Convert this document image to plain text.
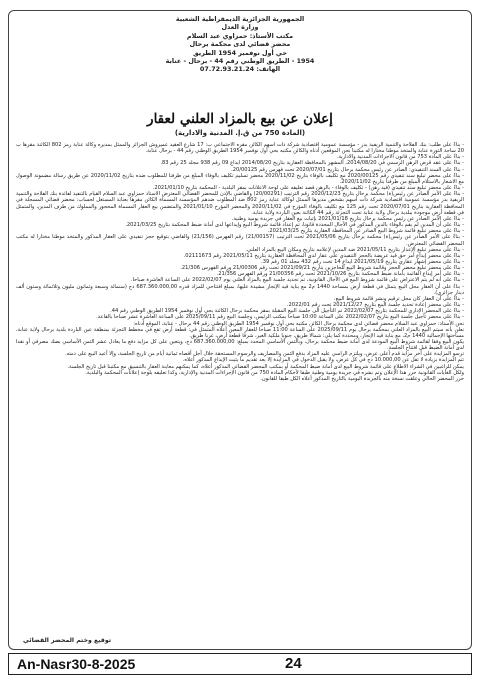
الجمهورية الجزائرية الديمقراطية الشعبية
وزارة العدل
مكتب الأستاذ: حمزاوي عبد السلام
محضر قضائي لدى محكمة برحال
حي أول نوفمبر 1954 الطريق
1954 - الطريق الوطني رقم 44 - برحال - عنابة
الهاتف: 07.72.93.21.24
إعلان عن بيع بالمزاد العلني لعقار
(المادة 750 من ق.إ. المدنية والادارية)

- بناءً على طلب: بنك الفلاحة والتنمية الريفية بدر - مؤسسة عمومية اقتصادية شركة ذات أسهم الكائن مقره الاجتماعي ب: 17 شارع العقيد عميروش الجزائر والممثل بمديره وكالة عنابة رمز 802 الكائنة مقرها ب 20 ساحة الثورة عنابة والمتخذ موطنا مختارا له مكتبنا نحن الموقعين أدناه والكائن مكتبه بحي أول نوفمبر 1954 الطريق الوطني رقم 44 - برحال عنابة.

- بناءً على المادة 753 من قانون الاجراءات المدنية والادارية.

- بناءً على عقد قرض الرهن الرسمي في 2014/08/20، المشهر بالمحافظة العقارية بتاريخ 2014/08/20 ايداع 09 رقم 938 مجلد 25 رقم 83.

- بناءً على السند التنفيذي: الصادر عن رئيس محكمة برحال بتاريخ 2020/07/01 تحت فهرس رقم 20/00125.

- بناءً على محضر تبليغ سند تنفيذي رقم 2020/00125 مع تكليف بالوفاء بتاريخ 2020/11/02 محضر تسليم تكليف بالوفاء المبلغ من طرفنا للمطلوب ضده بتاريخ 2020/11/02 عن طريق رسالة مضمونة الوصول مع الاشعار بالاستلام المبلغ من طرفنا بتاريخ 2020/11/02.

- بناءً على محضر تبليغ سند تنفيذي (قيد رهن) - تكليف بالوفاء - بالرهن قصد تعليقه على لوحة الاعلانات بمقر البلدية - المحكمة بتاريخ 2021/01/10.

- بناءً على الأمر الصادر عن رئيس(ة) محكمة برحال بتاريخ 2020/12/23 رقم الترتيب (20/00291) والقاضي بالإذن للمحضر القضائي المعترض الاستاذ حمزاوي عبد السلام القيام بالتنفيذ لفائدة بنك الفلاحة والتنمية الريفية بدر مؤسسة عمومية اقتصادية شركة ذات أسهم بشخص مديرها الممثل لوكالة عنابة رمز 802 ضد المطلوب ضدهم المؤسسة المسماة الكائن مقرها بعنابة المستغل لحساب: محضر قضائي المسجلة في المحافظة العقارية بتاريخ 2020/07/01 تحت رقم 125 مع تكليف بالوفاء المؤرخ في 2020/11/02 والمحضر المؤرخ 2021/01/10 والمتضمن بيع العقار المسماة المحجوز والمملوك من طرف المدين، والمتمثل في قطعة أرض موجودة ببلدية برحال ولاية عنابة تحت التجزئة رقم 44 الكائنة بعين الباردة ولاية عنابة.

- بناءً على الأمر الصادر عن رئيس محكمة برحال بتاريخ 2021/01/18 بإثبات بيع العقار في جريدة يومية وطنية.

- بناءً على أن المدين لم يقم بالوفاء بالدين المذكور في الآجال المحددة قانونا، تم إعداد قائمة شروط البيع وإيداعها لدى أمانة ضبط المحكمة بتاريخ 2021/03/25.

- بناءً على محضر تبليغ قائمة شروط البيع الصادر عن المحافظة العقارية بتاريخ 2021/03/25.

- بناءً على الأمر الصادر عن رئيس(ة) محكمة برحال بتاريخ 2021/05/06 تحت الترتيب (21/00157) رقم الفهرس (21/156) والقاضي بتوقيع حجز تنفيذي على العقار المذكور والمتخذ موطنا مختارا له مكتب المحضر القضائي المعترض.

- بناءً على محضر تبليغ الإعذار بتاريخ 2021/05/11 ضد المدين لإعلامه بتاريخ ومكان البيع بالمزاد العلني.

- بناءً على محضر إيداع أمر حق قيد عريضة بالحجز التنفيذي على عقار لدى المحافظة العقارية بتاريخ 2021/05/11 رقم 02111673.

- بناءً على محضر إشهار عقاري بتاريخ 2021/05/19 ايداع 14 تحت رقم 432 مجلد 01 رقم 39.

- بناءً على محضر تبليغ محضر الحجز وقائمة شروط البيع للحاجزين بتاريخ 2021/09/21 تحت رقم 21/00306 ورقم الفهرس 21/306.

- بناءً على أمر إيداع القائمة بأمانة ضبط المحكمة بتاريخ 2021/10/26 تحت رقم 21/00356 ورقم الفهرس 21/356.

- بناءً على أنه لم يتم الاعتراض على قائمة شروط البيع في الآجال القانونية، تم تحديد جلسة البيع بالمزاد العلني يوم 2022/02/07 على الساعة العاشرة صباحا.

- بناءً على أن العقار محل البيع يتمثل في قطعة أرض بمساحة 1440 م2 مع بناية قيد الإنجاز مشيدة عليها، بمبلغ افتتاحي للمزاد قدره 687.360.000,00 دج (ستمائة وسبعة وثمانون مليون وثلاثمائة وستون ألف دينار جزائري).

- بناءً على أن العقار كان محل ترقيم ونشر قائمة شروط البيع.

- بناءً على محضر إعادة تحديد جلسة البيع بتاريخ 2021/12/27 تحت رقم 2022/01.

- بناءً على المحضر الإداري للمحكمة بتاريخ 2022/02/07 تم التأجيل الى جلسة البيع المقبلة بمقر محكمة برحال الكائنة بحي أول نوفمبر 1954 الطريق الوطني رقم 44.

- بناءً على محضر تأجيل جلسة البيع بتاريخ 2022/02/07 على الساعة 10:00 صباحا بمكتب الرئيس، وجلسة البيع رقم 2025/09/11 على الساعة العاشرة عشر صباحا بالقاعة.

نحن الأستاذ: حمزاوي عبد السلام محضر قضائي لدى محكمة برحال الكائن مكتبه بحي أول نوفمبر 1954 الطريق الوطني رقم 44 برحال - عنابة، الموقع أدناه:

نعلن بأنه سيتم البيع بالمزاد العلني بمحكمة برحال يوم 2025/09/11 على الساعة 11:00 صباحا للعقار المعين أعلاه المتمثل في: قطعة أرض تقع في مخطط التجزئة بمنطقة عين الباردة بلدية برحال ولاية عنابة، مساحتها الإجمالية 1440 م2، مع بناية قيد الإنجاز، ومحددة كما يلي: شمالا طريق، جنوبا ملكية الغير، شرقا قطعة أرض، غربا طريق.

يكون البيع وفقا لقائمة شروط البيع المودعة لدى أمانة ضبط محكمة برحال، وبالثمن الأساسي المحدد بمبلغ: 687.360.000,00 دج، ويتعين على كل مزايد دفع ما يعادل عشر الثمن الأساسي بصك مصرفي أو نقدا لدى أمانة الضبط قبل افتتاح الجلسة.

ترسو المزايدة على آخر مزايد قدم أعلى عرض، ويلتزم الراسي عليه المزاد بدفع الثمن والمصاريف والرسوم المستحقة خلال أجل أقصاه ثمانية أيام من تاريخ الجلسة، وإلا أعيد البيع على ذمته.

تتم المزايدة بزيادة لا تقل عن 10.000,00 دج في كل عرض، ولا يقبل الدخول في المزايدة إلا بعد تقديم ما يثبت الإيداع المذكور أعلاه.

يمكن للراغبين في الشراء الاطلاع على قائمة شروط البيع لدى أمانة ضبط المحكمة أو بمكتب المحضر القضائي المذكور أعلاه، كما يمكنهم معاينة العقار بالتنسيق مع مكتبنا قبل تاريخ الجلسة.

ولكل الغايات القانونية حرر هذا الإعلان وتم نشره في جريدة يومية وطنية طبقا لأحكام المادة 750 من قانون الإجراءات المدنية والإدارية، وكذا تعليقه بلوحة إعلانات المحكمة والبلدية.

حرر المحضر الحالي وعلقت نسخة منه بالجريدة اليومية بالتاريخ المذكور أعلاه الكل طبقا للقانون.

توقيع وختم المحضر القضائي
An-Nasr30-8-2025	24
